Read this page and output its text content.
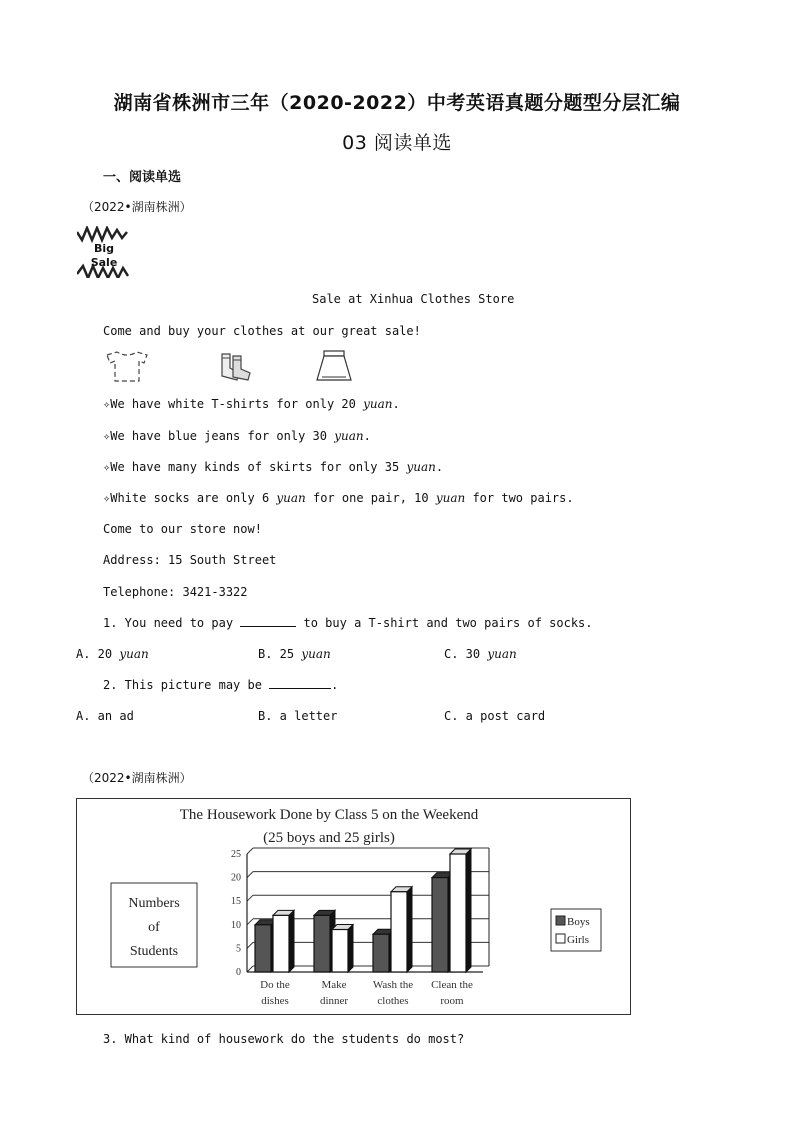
湖南省株洲市三年（2020-2022）中考英语真题分题型分层汇编
03 阅读单选
一、阅读单选
（2022•湖南株洲）
Big
Sale
Sale at Xinhua Clothes Store
Come and buy your clothes at our great sale!
✧We have white T-shirts for only 20 yuan.
✧We have blue jeans for only 30 yuan.
✧We have many kinds of skirts for only 35 yuan.
✧White socks are only 6 yuan for one pair, 10 yuan for two pairs.
Come to our store now!
Address: 15 South Street
Telephone: 3421-3322
1. You need to pay	to buy a T-shirt and two pairs of socks.
A. 20 yuan	B. 25 yuan	C. 30 yuan
2. This picture may be	.
A. an ad	B. a letter	C. a post card
（2022•湖南株洲）
The Housework Done by Class 5 on the Weekend
(25 boys and 25 girls)
Numbers
of
Students
0
5
10
15
20
25
Do the
dishes
Make
dinner
Wash the
clothes
Clean the
room
Boys
Girls
3. What kind of housework do the students do most?
